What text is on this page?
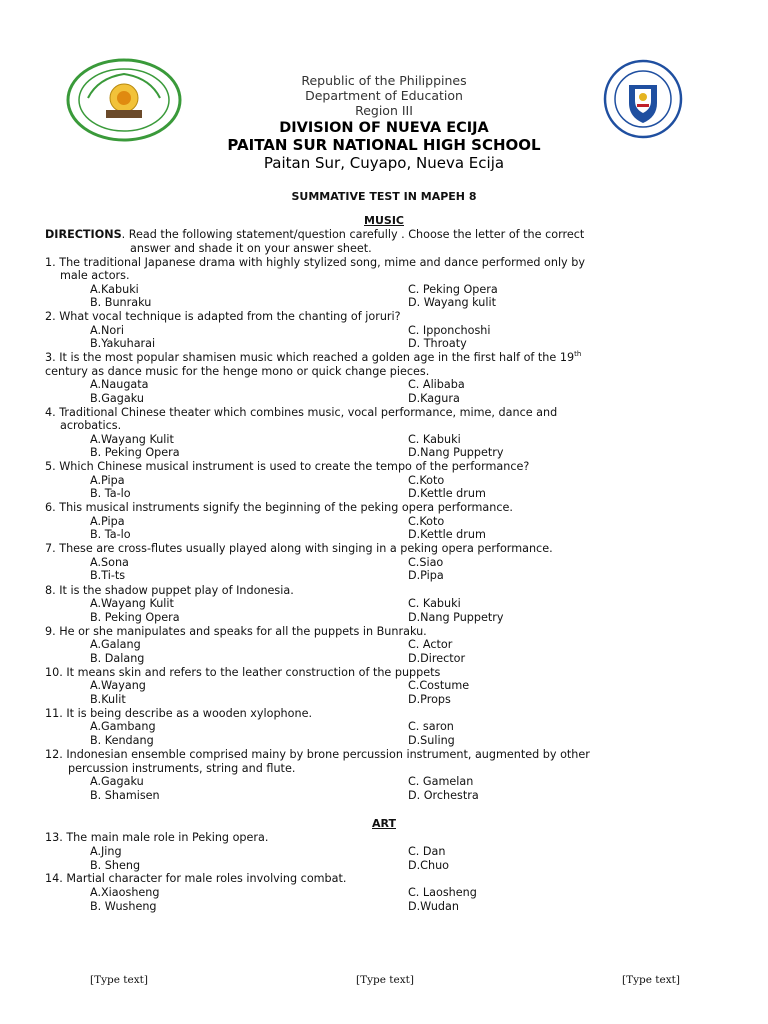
Republic of the Philippines
Department of Education
Region III
DIVISION OF NUEVA ECIJA
PAITAN SUR NATIONAL HIGH SCHOOL
Paitan Sur, Cuyapo, Nueva Ecija
SUMMATIVE TEST IN MAPEH 8
MUSIC
DIRECTIONS. Read the following statement/question carefully . Choose the letter of the correct
answer and shade it on your answer sheet.
1. The traditional Japanese drama with highly stylized song, mime and dance performed only by
male actors.
A.Kabuki	C. Peking Opera
B. Bunraku	D. Wayang kulit
2. What vocal technique is adapted from the chanting of joruri?
A.Nori	C. Ipponchoshi
B.Yakuharai	D. Throaty
3. It is the most popular shamisen music which reached a golden age in the first half of the 19th
century as dance music for the henge mono or quick change pieces.
A.Naugata	C. Alibaba
B.Gagaku	D.Kagura
4. Traditional Chinese theater which combines music, vocal performance, mime, dance and
acrobatics.
A.Wayang Kulit	C. Kabuki
B. Peking Opera	D.Nang Puppetry
5. Which Chinese musical instrument is used to create the tempo of the performance?
A.Pipa	C.Koto
B. Ta-lo	D.Kettle drum
6. This musical instruments signify the beginning of the peking opera performance.
A.Pipa	C.Koto
B. Ta-lo	D.Kettle drum
7. These are cross-flutes usually played along with singing in a peking opera performance.
A.Sona	C.Siao
B.Ti-ts	D.Pipa
8. It is the shadow puppet play of Indonesia.
A.Wayang Kulit	C. Kabuki
B. Peking Opera	D.Nang Puppetry
9. He or she manipulates and speaks for all the puppets in Bunraku.
A.Galang	C. Actor
B. Dalang	D.Director
10. It means skin and refers to the leather construction of the puppets
A.Wayang	C.Costume
B.Kulit	D.Props
11. It is being describe as a wooden xylophone.
A.Gambang	C. saron
B. Kendang	D.Suling
12. Indonesian ensemble comprised mainy by brone percussion instrument, augmented by other
percussion instruments, string and flute.
A.Gagaku	C. Gamelan
B. Shamisen	D. Orchestra
ART
13. The main male role in Peking opera.
A.Jing	C. Dan
B. Sheng	D.Chuo
14. Martial character for male roles involving combat.
A.Xiaosheng	C. Laosheng
B. Wusheng	D.Wudan
[Type text]	[Type text]	[Type text]
